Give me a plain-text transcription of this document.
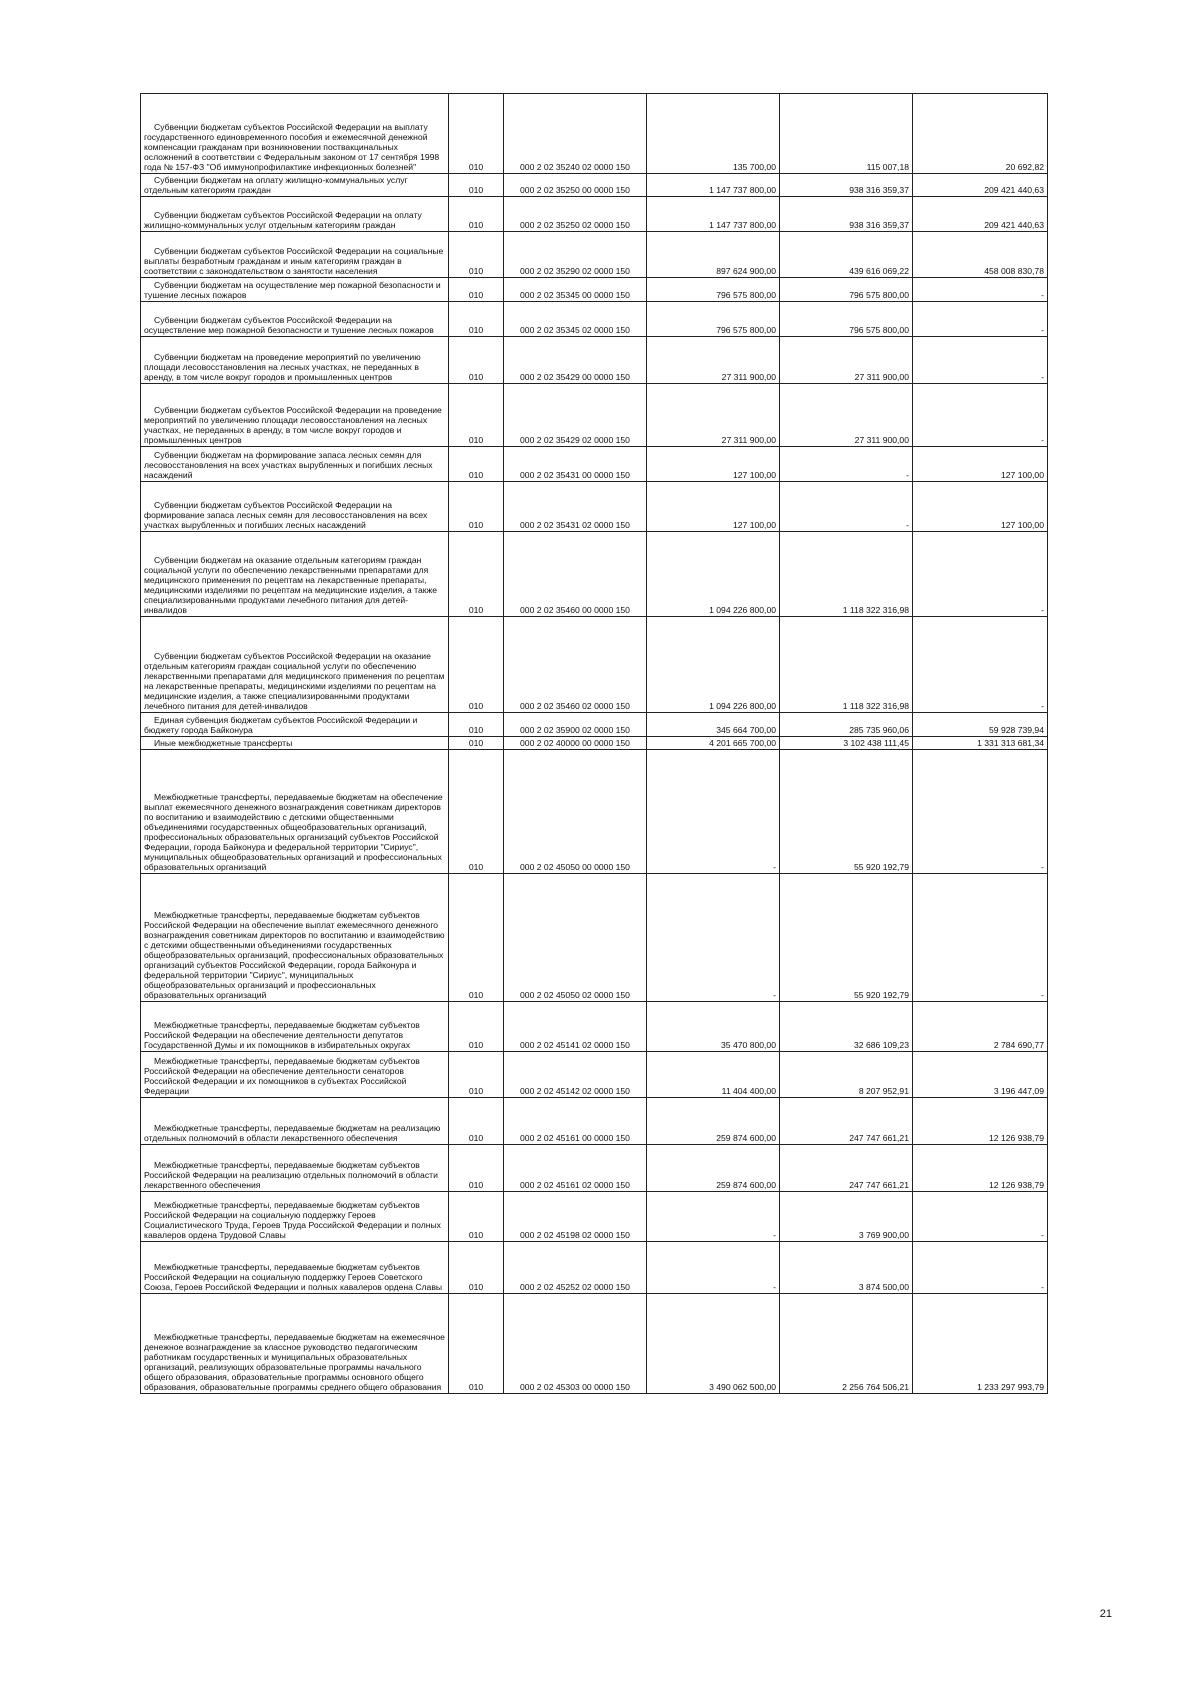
Субвенции бюджетам субъектов Российской Федерации на выплату государственного единовременного пособия и ежемесячной денежной компенсации гражданам при возникновении поствакцинальных осложнений в соответствии с Федеральным законом от 17 сентября 1998 года № 157-ФЗ "Об иммунопрофилактике инфекционных болезней"	010	000 2 02 35240 02 0000 150	135 700,00	115 007,18	20 692,82
Субвенции бюджетам на оплату жилищно-коммунальных услуг отдельным категориям граждан	010	000 2 02 35250 00 0000 150	1 147 737 800,00	938 316 359,37	209 421 440,63
Субвенции бюджетам субъектов Российской Федерации на оплату жилищно-коммунальных услуг отдельным категориям граждан	010	000 2 02 35250 02 0000 150	1 147 737 800,00	938 316 359,37	209 421 440,63
Субвенции бюджетам субъектов Российской Федерации на социальные выплаты безработным гражданам и иным категориям граждан в соответствии с законодательством о занятости населения	010	000 2 02 35290 02 0000 150	897 624 900,00	439 616 069,22	458 008 830,78
Субвенции бюджетам на осуществление мер пожарной безопасности и тушение лесных пожаров	010	000 2 02 35345 00 0000 150	796 575 800,00	796 575 800,00	-
Субвенции бюджетам субъектов Российской Федерации на осуществление мер пожарной безопасности и тушение лесных пожаров	010	000 2 02 35345 02 0000 150	796 575 800,00	796 575 800,00	-
Субвенции бюджетам на проведение мероприятий по увеличению площади лесовосстановления на лесных участках, не переданных в аренду, в том числе вокруг городов и промышленных центров	010	000 2 02 35429 00 0000 150	27 311 900,00	27 311 900,00	-
Субвенции бюджетам субъектов Российской Федерации на проведение мероприятий по увеличению площади лесовосстановления на лесных участках, не переданных в аренду, в том числе вокруг городов и промышленных центров	010	000 2 02 35429 02 0000 150	27 311 900,00	27 311 900,00	-
Субвенции бюджетам на формирование запаса лесных семян для лесовосстановления на всех участках вырубленных и погибших лесных насаждений	010	000 2 02 35431 00 0000 150	127 100,00	-	127 100,00
Субвенции бюджетам субъектов Российской Федерации на формирование запаса лесных семян для лесовосстановления на всех участках вырубленных и погибших лесных насаждений	010	000 2 02 35431 02 0000 150	127 100,00	-	127 100,00
Субвенции бюджетам на оказание отдельным категориям граждан социальной услуги по обеспечению лекарственными препаратами для медицинского применения по рецептам на лекарственные препараты, медицинскими изделиями по рецептам на медицинские изделия, а также специализированными продуктами лечебного питания для детей-инвалидов	010	000 2 02 35460 00 0000 150	1 094 226 800,00	1 118 322 316,98	-
Субвенции бюджетам субъектов Российской Федерации на оказание отдельным категориям граждан социальной услуги по обеспечению лекарственными препаратами для медицинского применения по рецептам на лекарственные препараты, медицинскими изделиями по рецептам на медицинские изделия, а также специализированными продуктами лечебного питания для детей-инвалидов	010	000 2 02 35460 02 0000 150	1 094 226 800,00	1 118 322 316,98	-
Единая субвенция бюджетам субъектов Российской Федерации и бюджету города Байконура	010	000 2 02 35900 02 0000 150	345 664 700,00	285 735 960,06	59 928 739,94
Иные межбюджетные трансферты	010	000 2 02 40000 00 0000 150	4 201 665 700,00	3 102 438 111,45	1 331 313 681,34
Межбюджетные трансферты, передаваемые бюджетам на обеспечение выплат ежемесячного денежного вознаграждения советникам директоров по воспитанию и взаимодействию с детскими общественными объединениями государственных общеобразовательных организаций, профессиональных образовательных организаций субъектов Российской Федерации, города Байконура и федеральной территории "Сириус", муниципальных общеобразовательных организаций и профессиональных образовательных организаций	010	000 2 02 45050 00 0000 150	-	55 920 192,79	-
Межбюджетные трансферты, передаваемые бюджетам субъектов Российской Федерации на обеспечение выплат ежемесячного денежного вознаграждения советникам директоров по воспитанию и взаимодействию с детскими общественными объединениями государственных общеобразовательных организаций, профессиональных образовательных организаций субъектов Российской Федерации, города Байконура и федеральной территории "Сириус", муниципальных общеобразовательных организаций и профессиональных образовательных организаций	010	000 2 02 45050 02 0000 150	-	55 920 192,79	-
Межбюджетные трансферты, передаваемые бюджетам субъектов Российской Федерации на обеспечение деятельности депутатов Государственной Думы и их помощников в избирательных округах	010	000 2 02 45141 02 0000 150	35 470 800,00	32 686 109,23	2 784 690,77
Межбюджетные трансферты, передаваемые бюджетам субъектов Российской Федерации на обеспечение деятельности сенаторов Российской Федерации и их помощников в субъектах Российской Федерации	010	000 2 02 45142 02 0000 150	11 404 400,00	8 207 952,91	3 196 447,09
Межбюджетные трансферты, передаваемые бюджетам на реализацию отдельных полномочий в области лекарственного обеспечения	010	000 2 02 45161 00 0000 150	259 874 600,00	247 747 661,21	12 126 938,79
Межбюджетные трансферты, передаваемые бюджетам субъектов Российской Федерации на реализацию отдельных полномочий в области лекарственного обеспечения	010	000 2 02 45161 02 0000 150	259 874 600,00	247 747 661,21	12 126 938,79
Межбюджетные трансферты, передаваемые бюджетам субъектов Российской Федерации на социальную поддержку Героев Социалистического Труда, Героев Труда Российской Федерации и полных кавалеров ордена Трудовой Славы	010	000 2 02 45198 02 0000 150	-	3 769 900,00	-
Межбюджетные трансферты, передаваемые бюджетам субъектов Российской Федерации на социальную поддержку Героев Советского Союза, Героев Российской Федерации и полных кавалеров ордена Славы	010	000 2 02 45252 02 0000 150	-	3 874 500,00	-
Межбюджетные трансферты, передаваемые бюджетам на ежемесячное денежное вознаграждение за классное руководство педагогическим работникам государственных и муниципальных образовательных организаций, реализующих образовательные программы начального общего образования, образовательные программы основного общего образования, образовательные программы среднего общего образования	010	000 2 02 45303 00 0000 150	3 490 062 500,00	2 256 764 506,21	1 233 297 993,79
21
